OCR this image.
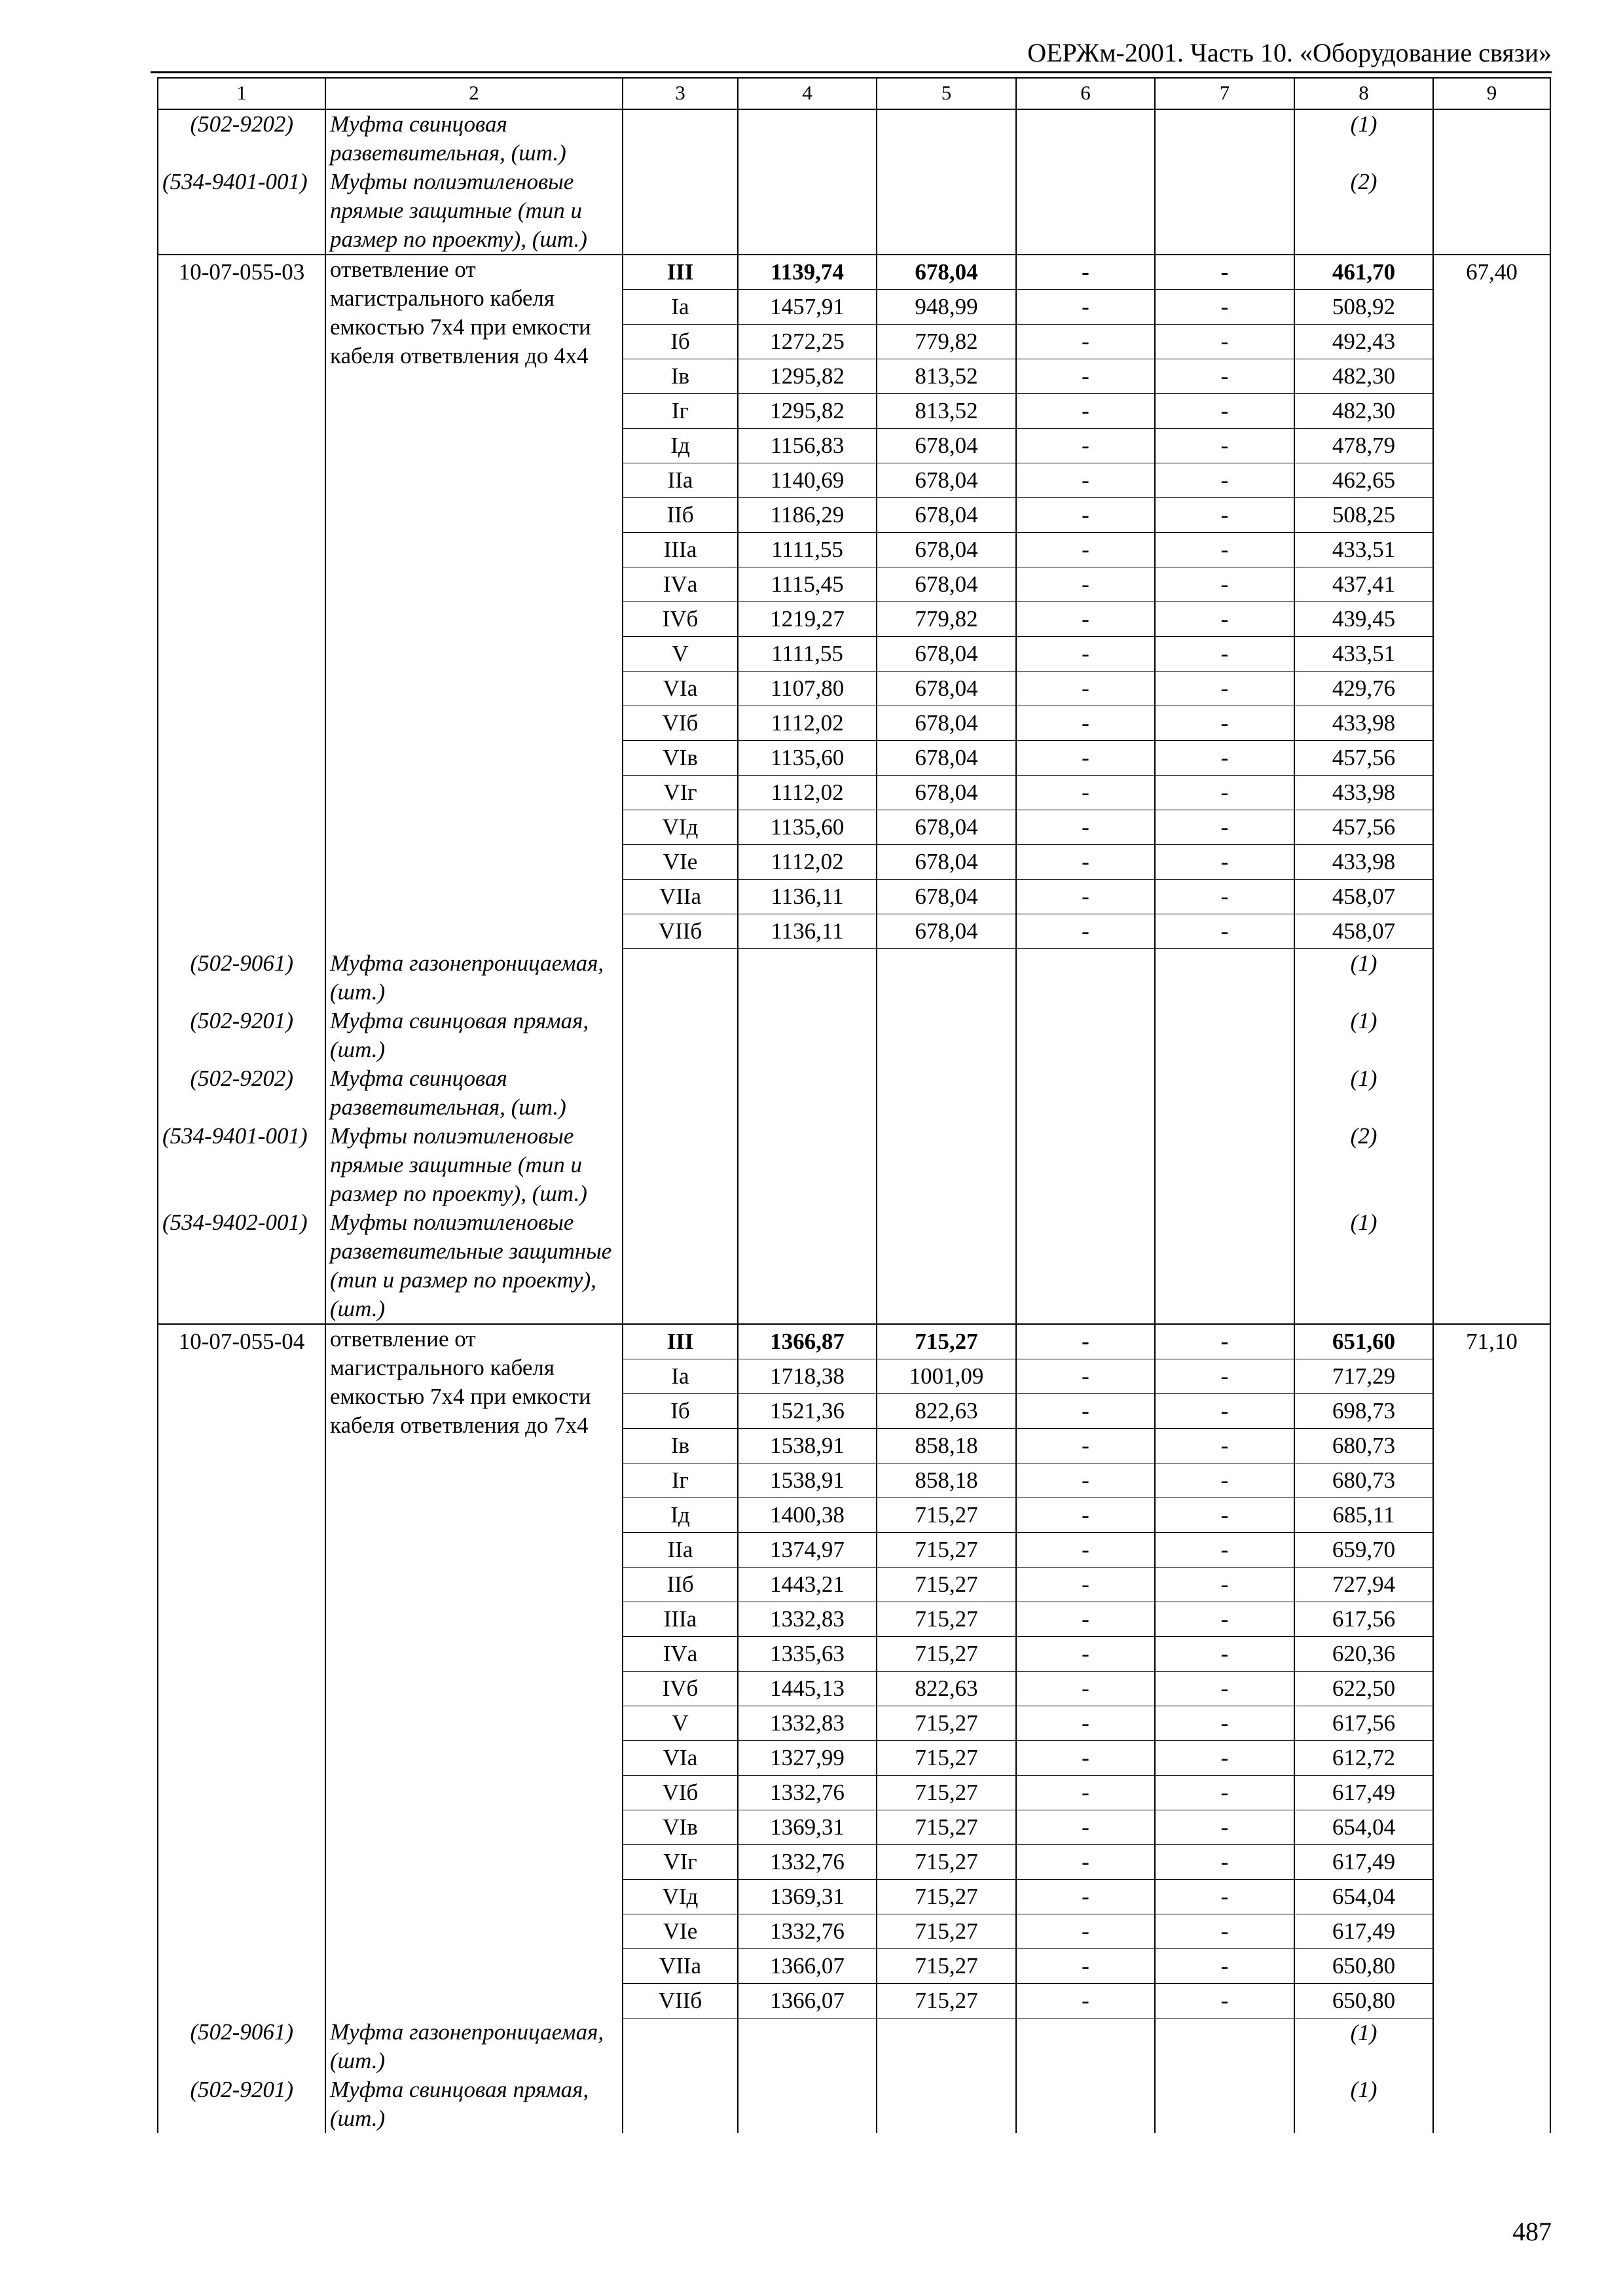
ОЕРЖм-2001. Часть 10. «Оборудование связи»
1	2	3	4	5	6	7	8	9
(502-9202)	Муфта свинцовая разветвительная, (шт.)						(1)	
(534-9401-001)	Муфты полиэтиленовые прямые защитные (тип и размер по проекту), (шт.)						(2)	
10-07-055-03	ответвление от магистрального кабеля емкостью 7х4 при емкости кабеля ответвления до 4х4	III	1139,74	678,04	-	-	461,70	67,40
		Iа	1457,91	948,99	-	-	508,92	
		Iб	1272,25	779,82	-	-	492,43	
		Iв	1295,82	813,52	-	-	482,30	
		Iг	1295,82	813,52	-	-	482,30	
		Iд	1156,83	678,04	-	-	478,79	
		IIа	1140,69	678,04	-	-	462,65	
		IIб	1186,29	678,04	-	-	508,25	
		IIIа	1111,55	678,04	-	-	433,51	
		IVа	1115,45	678,04	-	-	437,41	
		IVб	1219,27	779,82	-	-	439,45	
		V	1111,55	678,04	-	-	433,51	
		VIа	1107,80	678,04	-	-	429,76	
		VIб	1112,02	678,04	-	-	433,98	
		VIв	1135,60	678,04	-	-	457,56	
		VIг	1112,02	678,04	-	-	433,98	
		VIд	1135,60	678,04	-	-	457,56	
		VIе	1112,02	678,04	-	-	433,98	
		VIIа	1136,11	678,04	-	-	458,07	
		VIIб	1136,11	678,04	-	-	458,07	
(502-9061)	Муфта газонепроницаемая, (шт.)						(1)	
(502-9201)	Муфта свинцовая прямая, (шт.)						(1)	
(502-9202)	Муфта свинцовая разветвительная, (шт.)						(1)	
(534-9401-001)	Муфты полиэтиленовые прямые защитные (тип и размер по проекту), (шт.)						(2)	
(534-9402-001)	Муфты полиэтиленовые разветвительные защитные (тип и размер по проекту), (шт.)						(1)	
10-07-055-04	ответвление от магистрального кабеля емкостью 7х4 при емкости кабеля ответвления до 7х4	III	1366,87	715,27	-	-	651,60	71,10
		Iа	1718,38	1001,09	-	-	717,29	
		Iб	1521,36	822,63	-	-	698,73	
		Iв	1538,91	858,18	-	-	680,73	
		Iг	1538,91	858,18	-	-	680,73	
		Iд	1400,38	715,27	-	-	685,11	
		IIа	1374,97	715,27	-	-	659,70	
		IIб	1443,21	715,27	-	-	727,94	
		IIIа	1332,83	715,27	-	-	617,56	
		IVа	1335,63	715,27	-	-	620,36	
		IVб	1445,13	822,63	-	-	622,50	
		V	1332,83	715,27	-	-	617,56	
		VIа	1327,99	715,27	-	-	612,72	
		VIб	1332,76	715,27	-	-	617,49	
		VIв	1369,31	715,27	-	-	654,04	
		VIг	1332,76	715,27	-	-	617,49	
		VIд	1369,31	715,27	-	-	654,04	
		VIе	1332,76	715,27	-	-	617,49	
		VIIа	1366,07	715,27	-	-	650,80	
		VIIб	1366,07	715,27	-	-	650,80	
(502-9061)	Муфта газонепроницаемая, (шт.)						(1)	
(502-9201)	Муфта свинцовая прямая, (шт.)						(1)	
487
